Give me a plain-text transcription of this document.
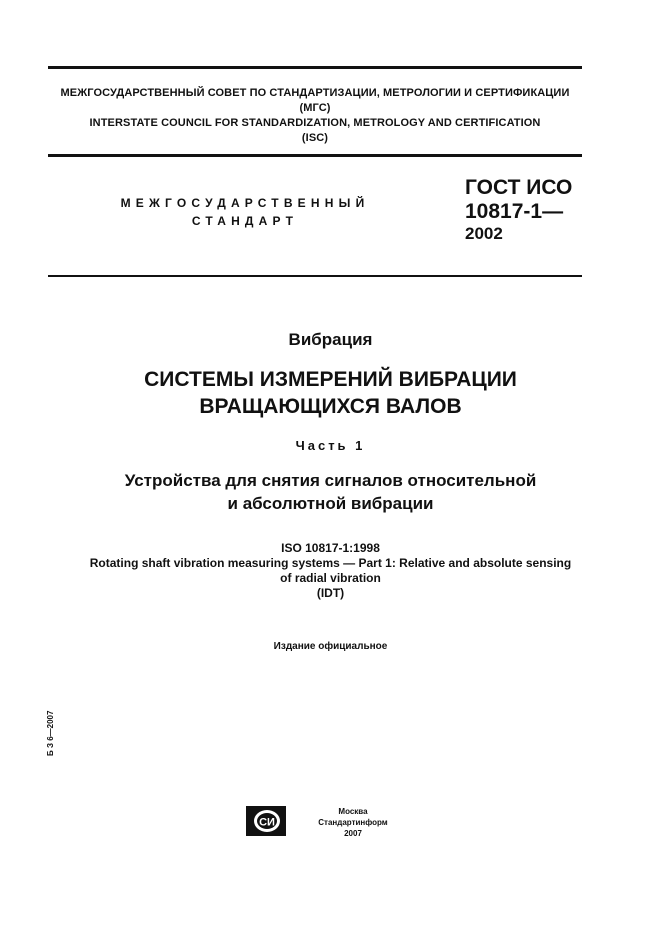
МЕЖГОСУДАРСТВЕННЫЙ СОВЕТ ПО СТАНДАРТИЗАЦИИ, МЕТРОЛОГИИ И СЕРТИФИКАЦИИ
(МГС)
INTERSTATE COUNCIL FOR STANDARDIZATION, METROLOGY AND CERTIFICATION
(ISC)
МЕЖГОСУДАРСТВЕННЫЙ
СТАНДАРТ
ГОСТ ИСО
10817-1—
2002
Вибрация
СИСТЕМЫ ИЗМЕРЕНИЙ ВИБРАЦИИ
ВРАЩАЮЩИХСЯ ВАЛОВ
Часть 1
Устройства для снятия сигналов относительной
и абсолютной вибрации
ISO 10817-1:1998
Rotating shaft vibration measuring systems — Part 1: Relative and absolute sensing
of radial vibration
(IDT)
Издание официальное
Б З 6—2007
СИ
Москва
Стандартинформ
2007
